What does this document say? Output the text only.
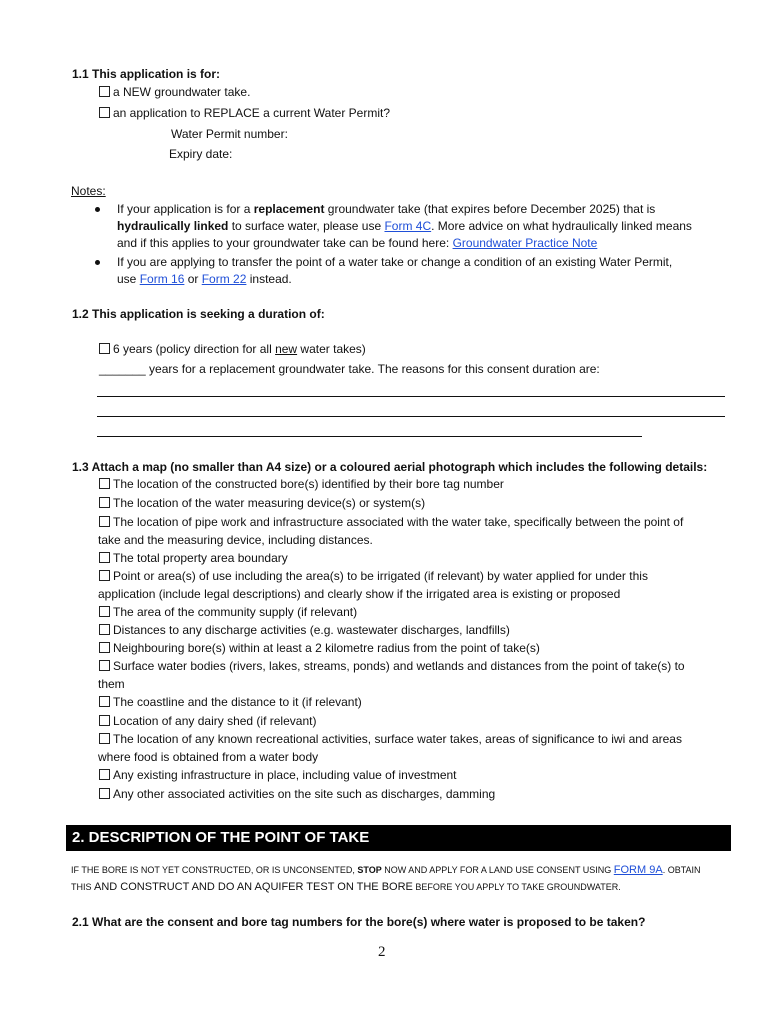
1.1 This application is for:
a NEW groundwater take.
an application to REPLACE a current Water Permit?
Water Permit number:
Expiry date:
Notes:
If your application is for a replacement groundwater take (that expires before December 2025) that is
hydraulically linked to surface water, please use Form 4C. More advice on what hydraulically linked means
and if this applies to your groundwater take can be found here: Groundwater Practice Note
If you are applying to transfer the point of a water take or change a condition of an existing Water Permit,
use Form 16 or Form 22 instead.
1.2 This application is seeking a duration of:
6 years (policy direction for all new water takes)
_______ years for a replacement groundwater take. The reasons for this consent duration are:
1.3 Attach a map (no smaller than A4 size) or a coloured aerial photograph which includes the following details:
The location of the constructed bore(s) identified by their bore tag number
The location of the water measuring device(s) or system(s)
The location of pipe work and infrastructure associated with the water take, specifically between the point of
take and the measuring device, including distances.
The total property area boundary
Point or area(s) of use including the area(s) to be irrigated (if relevant) by water applied for under this
application (include legal descriptions) and clearly show if the irrigated area is existing or proposed
The area of the community supply (if relevant)
Distances to any discharge activities (e.g. wastewater discharges, landfills)
Neighbouring bore(s) within at least a 2 kilometre radius from the point of take(s)
Surface water bodies (rivers, lakes, streams, ponds) and wetlands and distances from the point of take(s) to
them
The coastline and the distance to it (if relevant)
Location of any dairy shed (if relevant)
The location of any known recreational activities, surface water takes, areas of significance to iwi and areas
where food is obtained from a water body
Any existing infrastructure in place, including value of investment
Any other associated activities on the site such as discharges, damming
2. DESCRIPTION OF THE POINT OF TAKE
IF THE BORE IS NOT YET CONSTRUCTED, OR IS UNCONSENTED, STOP NOW AND APPLY FOR A LAND USE CONSENT USING FORM 9A. OBTAIN
THIS AND CONSTRUCT AND DO AN AQUIFER TEST ON THE BORE BEFORE YOU APPLY TO TAKE GROUNDWATER.
2.1 What are the consent and bore tag numbers for the bore(s) where water is proposed to be taken?
2
